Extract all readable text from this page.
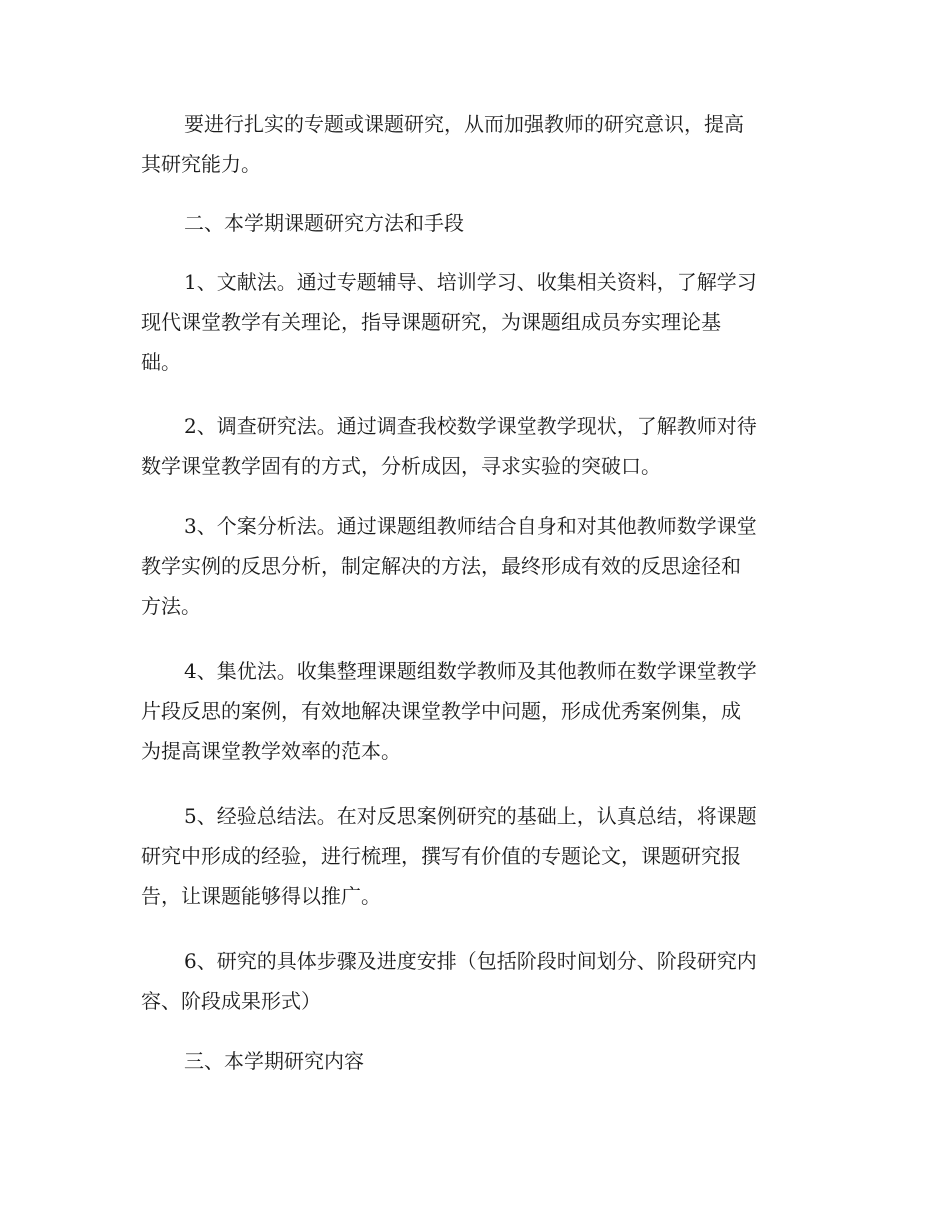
要进行扎实的专题或课题研究，从而加强教师的研究意识，提高
其研究能力。
二、本学期课题研究方法和手段
1、文献法。通过专题辅导、培训学习、收集相关资料，了解学习
现代课堂教学有关理论，指导课题研究，为课题组成员夯实理论基
础。
2、调查研究法。通过调查我校数学课堂教学现状，了解教师对待
数学课堂教学固有的方式，分析成因，寻求实验的突破口。
3、个案分析法。通过课题组教师结合自身和对其他教师数学课堂
教学实例的反思分析，制定解决的方法，最终形成有效的反思途径和
方法。
4、集优法。收集整理课题组数学教师及其他教师在数学课堂教学
片段反思的案例，有效地解决课堂教学中问题，形成优秀案例集，成
为提高课堂教学效率的范本。
5、经验总结法。在对反思案例研究的基础上，认真总结，将课题
研究中形成的经验，进行梳理，撰写有价值的专题论文，课题研究报
告，让课题能够得以推广。
6、研究的具体步骤及进度安排（包括阶段时间划分、阶段研究内
容、阶段成果形式）
三、本学期研究内容
